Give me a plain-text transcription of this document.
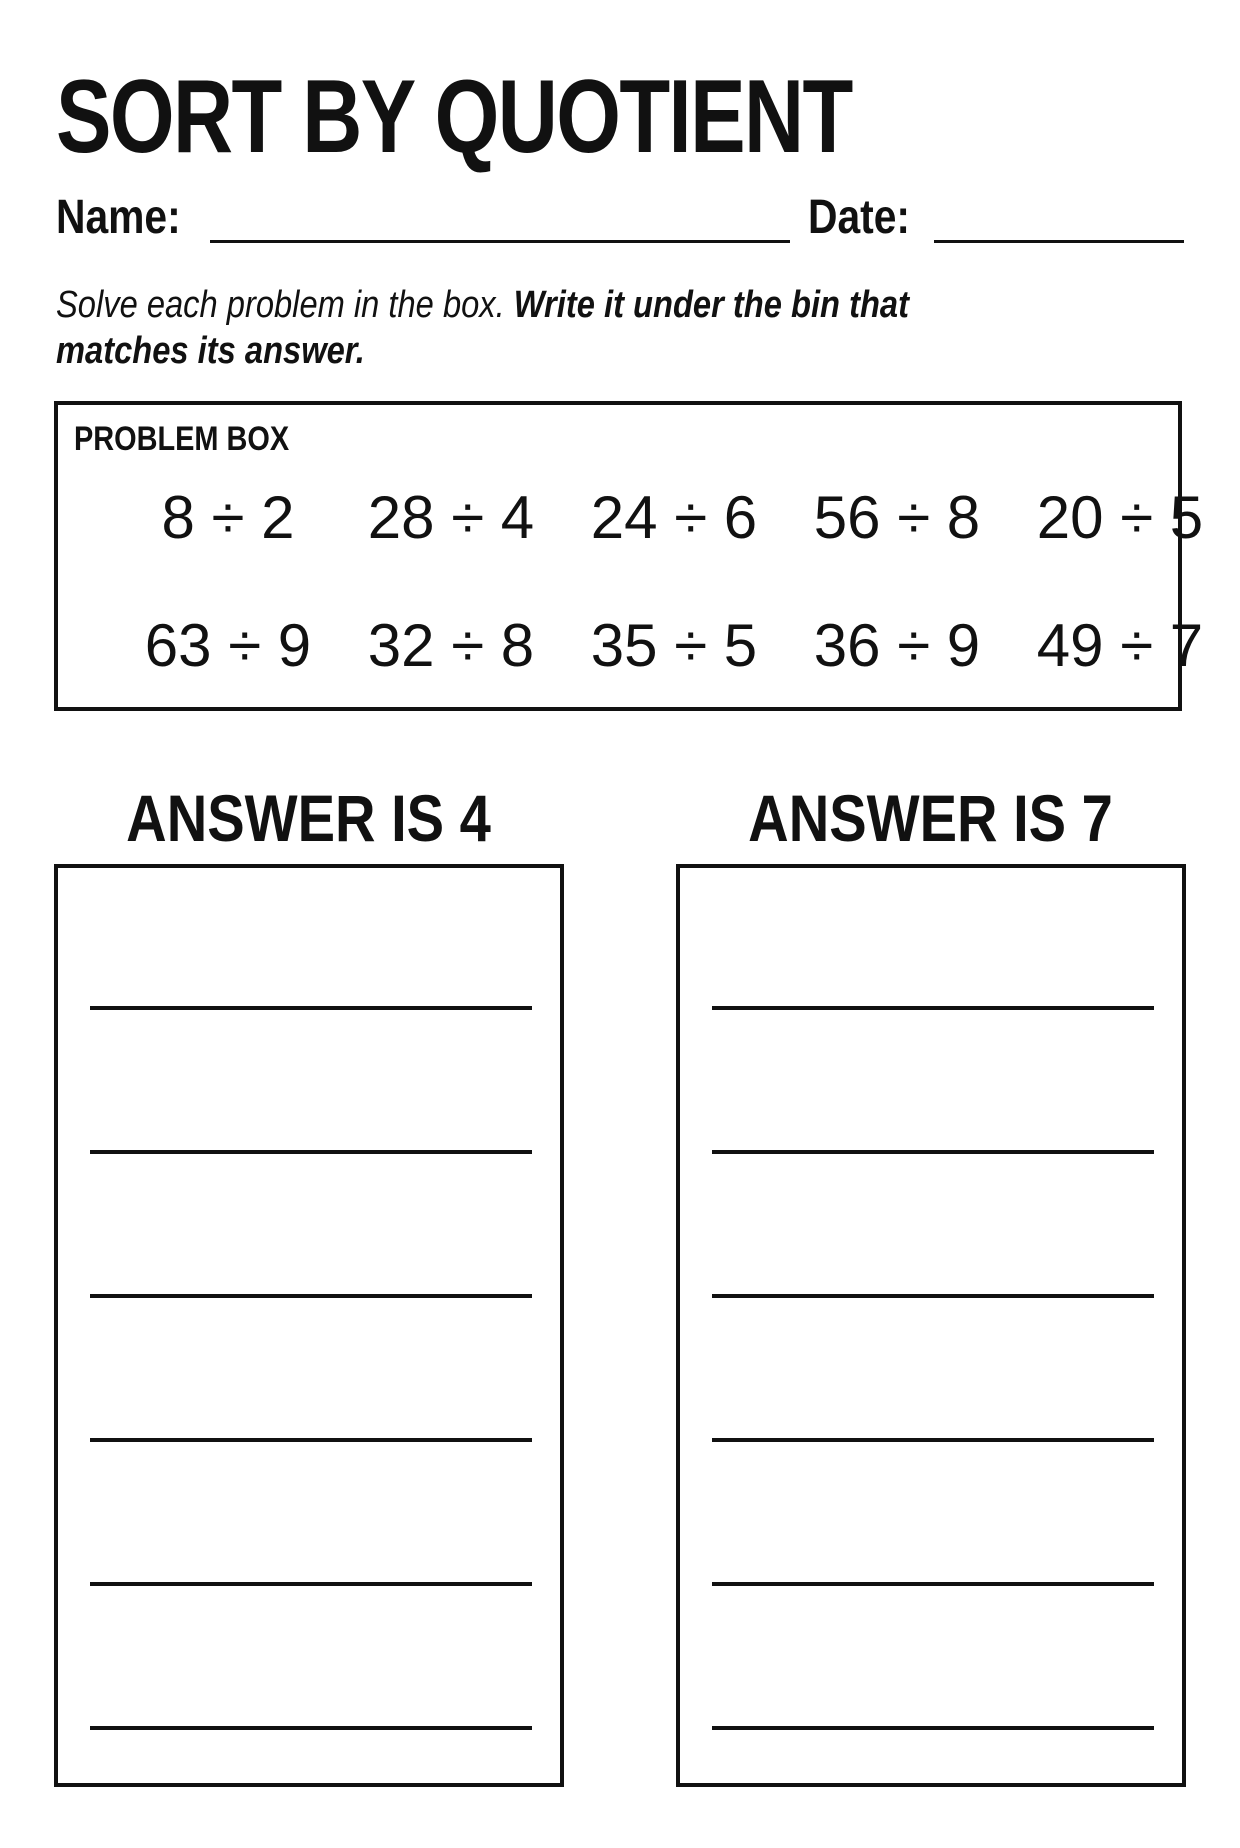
SORT BY QUOTIENT
Name:	Date:
Solve each problem in the box. Write it under the bin that matches its answer.
PROBLEM BOX
8 ÷ 2	28 ÷ 4 24 ÷ 6 56 ÷ 8 20 ÷ 5
63 ÷ 9 32 ÷ 8 35 ÷ 5 36 ÷ 9 49 ÷ 7
ANSWER IS 4	ANSWER IS 7
